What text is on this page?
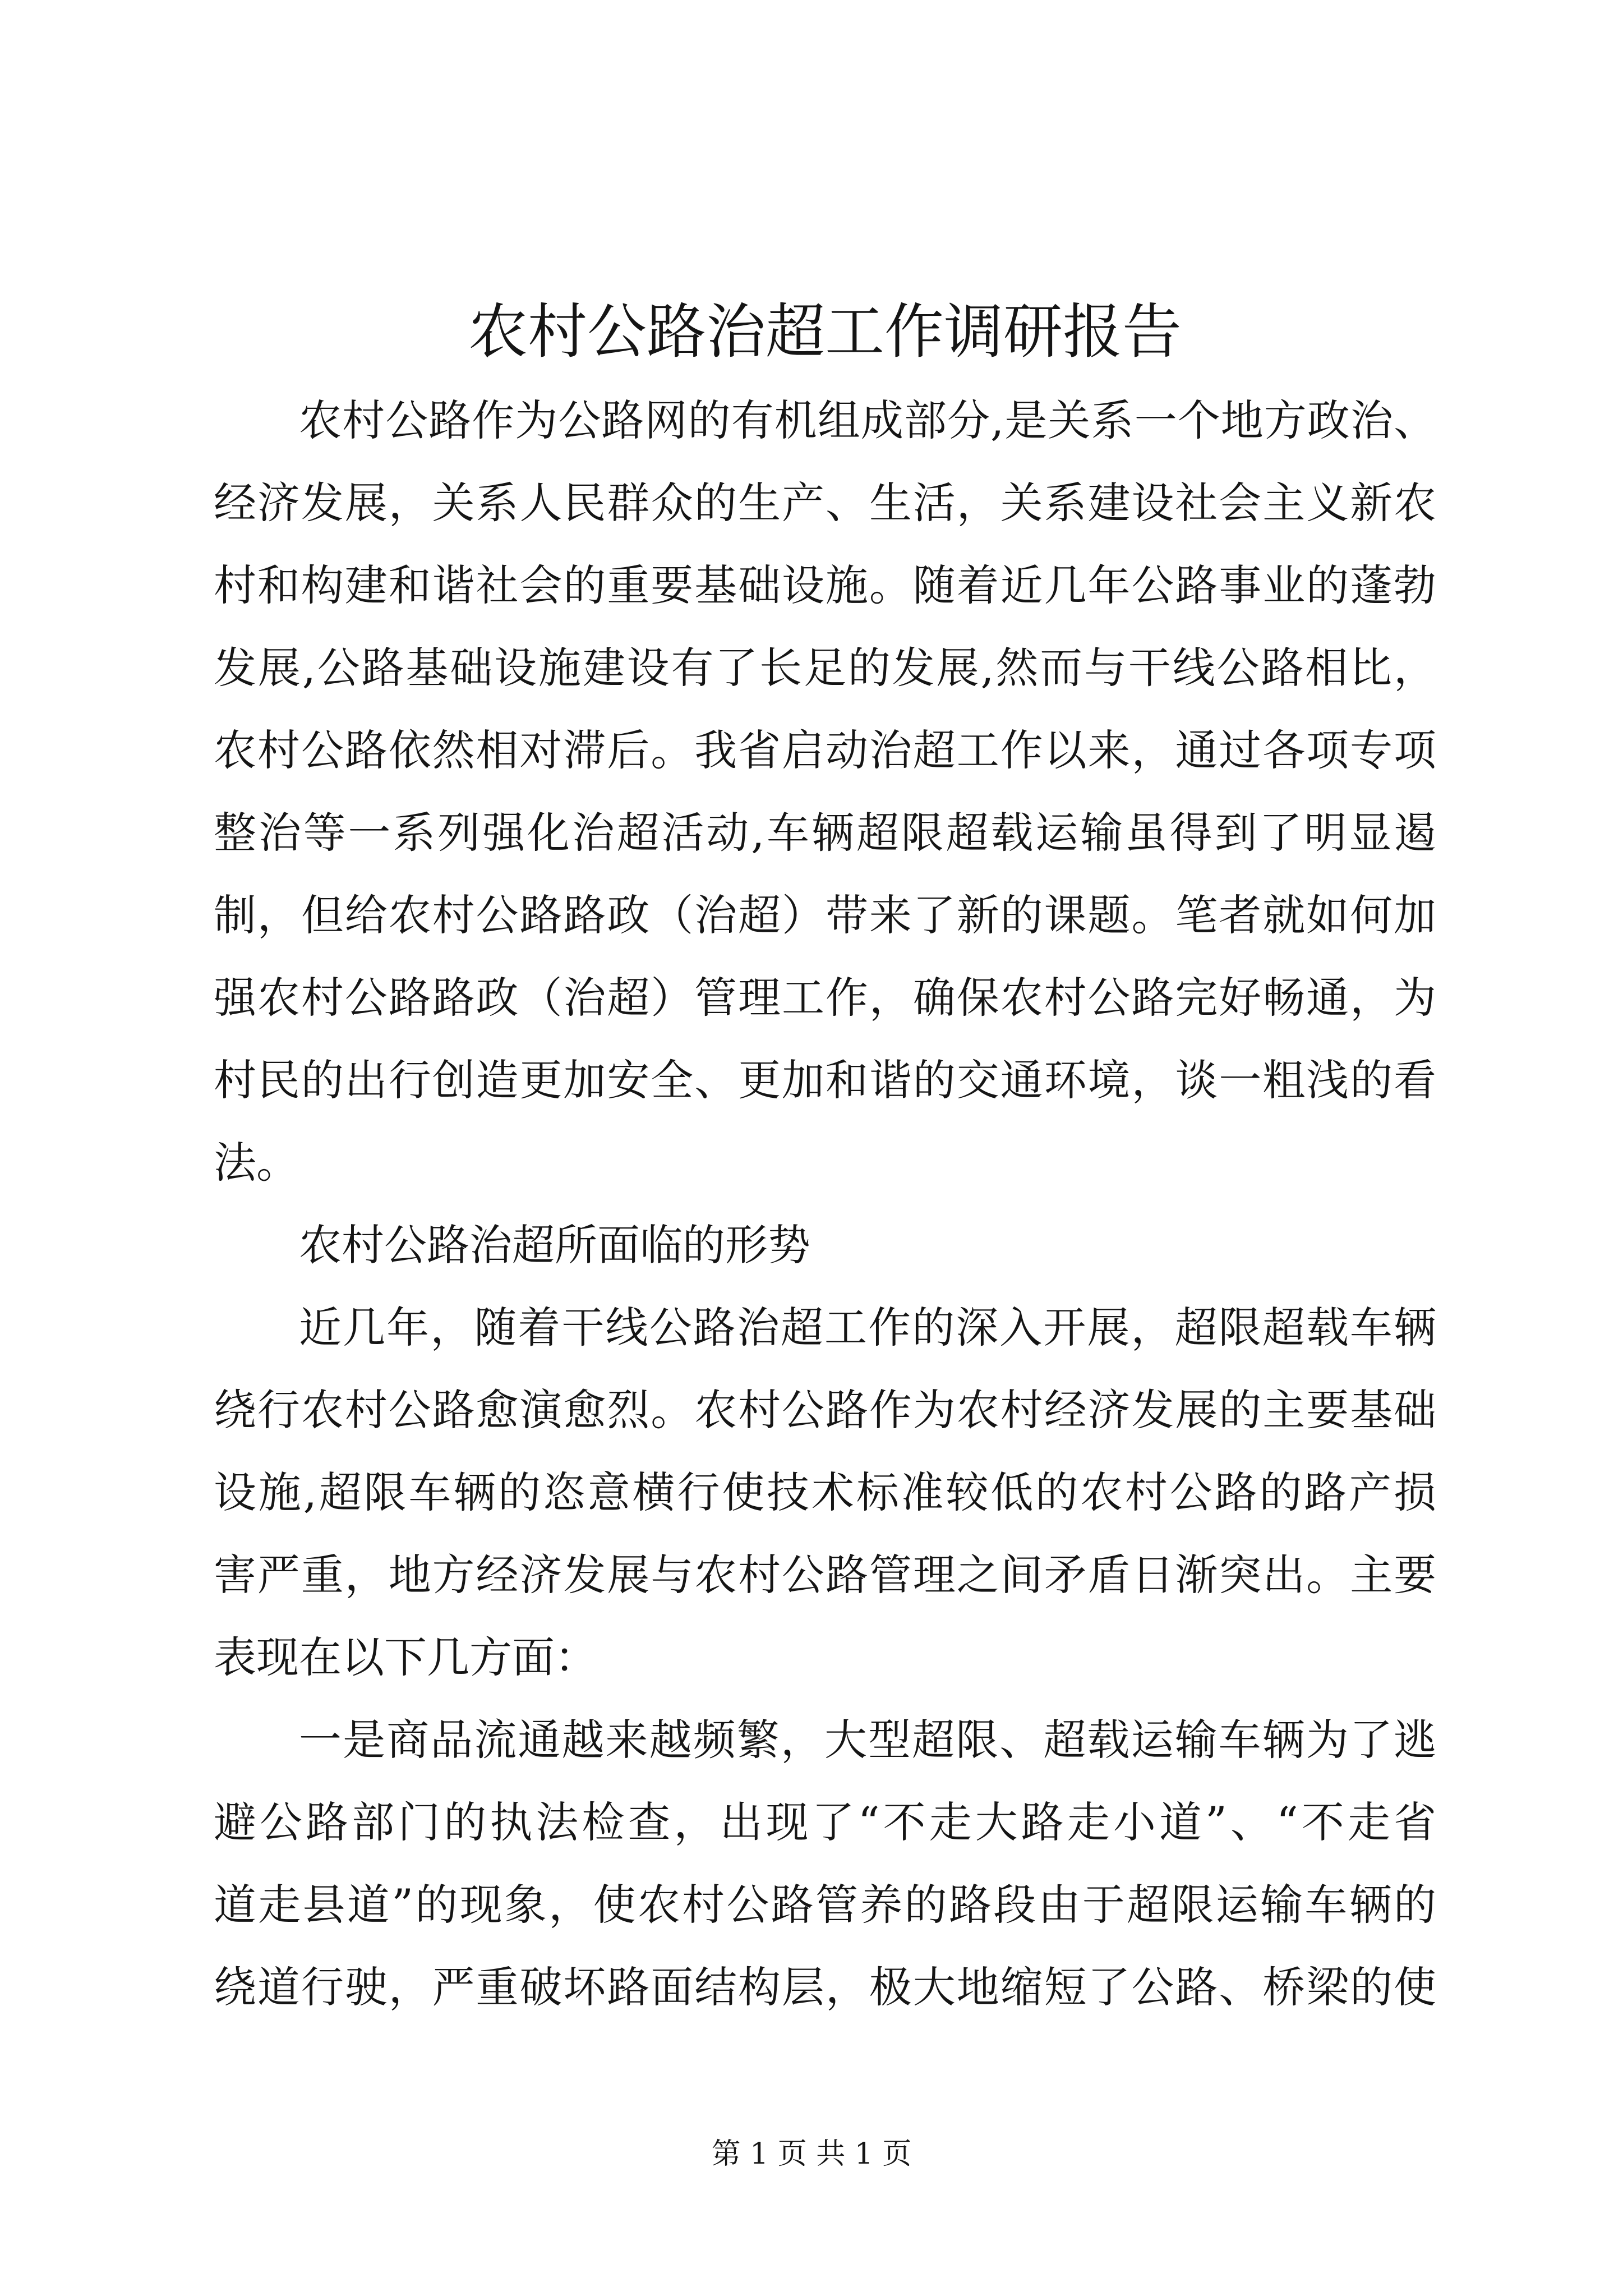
农村公路治超工作调研报告
农村公路作为公路网的有机组成部分,是关系一个地方政治、
经济发展，关系人民群众的生产、生活，关系建设社会主义新农
村和构建和谐社会的重要基础设施。随着近几年公路事业的蓬勃
发展,公路基础设施建设有了长足的发展,然而与干线公路相比，
农村公路依然相对滞后。我省启动治超工作以来，通过各项专项
整治等一系列强化治超活动,车辆超限超载运输虽得到了明显遏
制，但给农村公路路政（治超）带来了新的课题。笔者就如何加
强农村公路路政（治超）管理工作，确保农村公路完好畅通，为
村民的出行创造更加安全、更加和谐的交通环境，谈一粗浅的看
法。
农村公路治超所面临的形势
近几年，随着干线公路治超工作的深入开展，超限超载车辆
绕行农村公路愈演愈烈。农村公路作为农村经济发展的主要基础
设施,超限车辆的恣意横行使技术标准较低的农村公路的路产损
害严重，地方经济发展与农村公路管理之间矛盾日渐突出。主要
表现在以下几方面：
一是商品流通越来越频繁，大型超限、超载运输车辆为了逃
避公路部门的执法检查，出现了“不走大路走小道”、“不走省
道走县道”的现象，使农村公路管养的路段由于超限运输车辆的
绕道行驶，严重破坏路面结构层，极大地缩短了公路、桥梁的使
第 1 页 共 1 页
